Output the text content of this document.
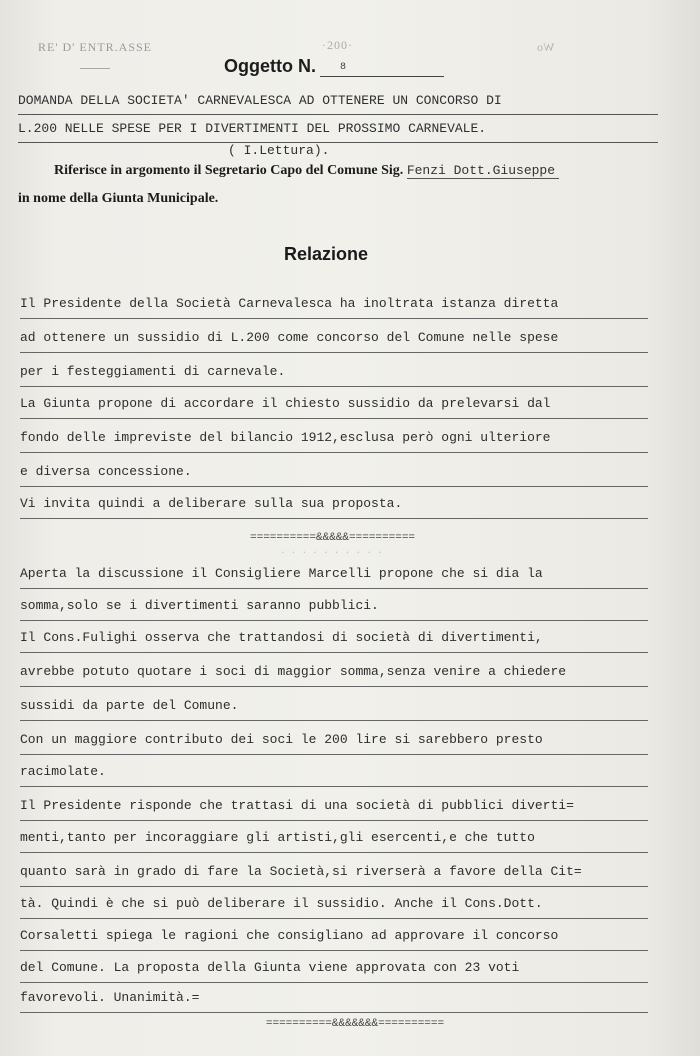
RE' D' ENTR.ASSE	·200·	Wo
Oggetto N. 8
DOMANDA DELLA SOCIETA' CARNEVALESCA AD OTTENERE UN CONCORSO DI
L.200 NELLE SPESE PER I DIVERTIMENTI DEL PROSSIMO CARNEVALE.
( I.Lettura).
Riferisce in argomento il Segretario Capo del Comune Sig. Fenzi Dott.Giuseppe
in nome della Giunta Municipale.
Relazione
Il Presidente della Società Carnevalesca ha inoltrata istanza diretta
ad ottenere un sussidio di L.200 come concorso del Comune nelle spese
per i festeggiamenti di carnevale.
La Giunta propone di accordare il chiesto sussidio da prelevarsi dal
fondo delle impreviste del bilancio 1912,esclusa però ogni ulteriore
e diversa concessione.
Vi invita quindi a deliberare sulla sua proposta.
==========&&&&&==========
· · · · · · · · · ·
Aperta la discussione il Consigliere Marcelli propone che si dia la
somma,solo se i divertimenti saranno pubblici.
Il Cons.Fulighi osserva che trattandosi di società di divertimenti,
avrebbe potuto quotare i soci di maggior somma,senza venire a chiedere
sussidi da parte del Comune.
Con un maggiore contributo dei soci le 200 lire si sarebbero presto
racimolate.
Il Presidente risponde che trattasi di una società di pubblici diverti=
menti,tanto per incoraggiare gli artisti,gli esercenti,e che tutto
quanto sarà in grado di fare la Società,si riverserà a favore della Cit=
tà. Quindi è che si può deliberare il sussidio. Anche il Cons.Dott.
Corsaletti spiega le ragioni che consigliano ad approvare il concorso
del Comune. La proposta della Giunta viene approvata con 23 voti
favorevoli. Unanimità.=
==========&&&&&&&==========
